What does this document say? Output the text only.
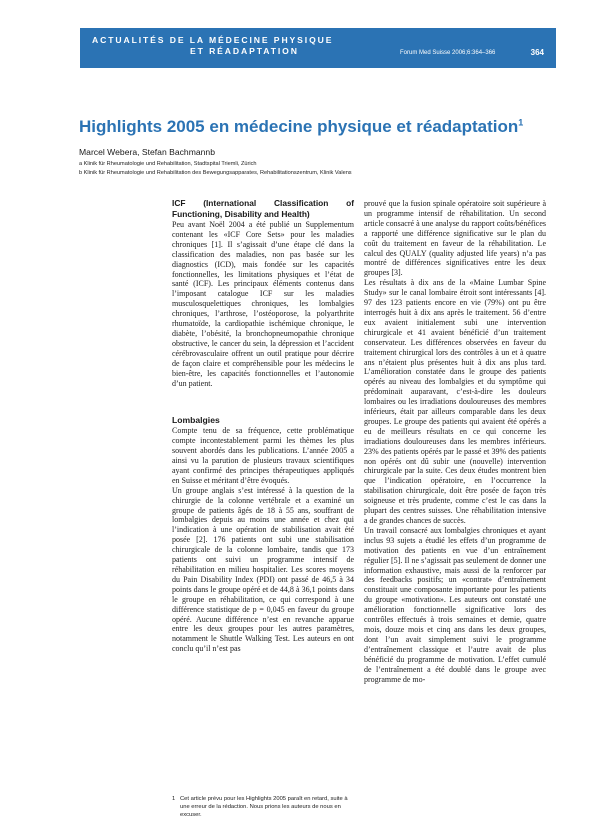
ACTUALITÉS DE LA MÉDECINE PHYSIQUE
ET RÉADAPTATION	Forum Med Suisse 2006;6:364–366	364
Highlights 2005 en médecine physique et réadaptation$^1$
Marcel Webera, Stefan Bachmannb
a Klinik für Rheumatologie und Rehabilitation, Stadtspital Triemli, Zürich
b Klinik für Rheumatologie und Rehabilitation des Bewegungsapparates, Rehabilitationszentrum, Klinik Valens

ICF (International Classification of Functioning, Disability and Health)

Peu avant Noël 2004 a été publié un Supplementum contenant les «ICF Core Sets» pour les maladies chroniques [1]. Il s’agissait d’une étape clé dans la classification des maladies, non pas basée sur les diagnostics (ICD), mais fondée sur les capacités fonctionnelles, les limitations physiques et l’état de santé (ICF). Les principaux éléments contenus dans l’imposant catalogue ICF sur les maladies musculosquelettiques chroniques, les lombalgies chroniques, l’arthrose, l’ostéoporose, la polyarthrite rhumatoïde, la cardiopathie ischémique chronique, le diabète, l’obésité, la bronchopneumopathie chronique obstructive, le cancer du sein, la dépression et l’accident cérébrovasculaire offrent un outil pratique pour décrire de façon claire et compréhensible pour les médecins le bien-être, les capacités fonctionnelles et l’autonomie d’un patient.

Lombalgies

Compte tenu de sa fréquence, cette problématique compte incontestablement parmi les thèmes les plus souvent abordés dans les publications. L’année 2005 a ainsi vu la parution de plusieurs travaux scientifiques ayant confirmé des principes thérapeutiques appliqués en Suisse et méritant d’être évoqués.

Un groupe anglais s’est intéressé à la question de la chirurgie de la colonne vertébrale et a examiné un groupe de patients âgés de 18 à 55 ans, souffrant de lombalgies depuis au moins une année et chez qui l’indication à une opération de stabilisation avait été posée [2]. 176 patients ont subi une stabilisation chirurgicale de la colonne lombaire, tandis que 173 patients ont suivi un programme intensif de réhabilitation en milieu hospitalier. Les scores moyens du Pain Disability Index (PDI) ont passé de 46,5 à 34 points dans le groupe opéré et de 44,8 à 36,1 points dans le groupe en réhabilitation, ce qui correspond à une différence statistique de p = 0,045 en faveur du groupe opéré. Aucune différence n’est en revanche apparue entre les deux groupes pour les autres paramètres, notamment le Shuttle Walking Test. Les auteurs en ont conclu qu’il n’est pas

prouvé que la fusion spinale opératoire soit supérieure à un programme intensif de réhabilitation. Un second article consacré à une analyse du rapport coûts/bénéfices a rapporté une différence significative sur le plan du coût du traitement en faveur de la réhabilitation. Le calcul des QUALY (quality adjusted life years) n’a pas montré de différences significatives entre les deux groupes [3].

Les résultats à dix ans de la «Maine Lumbar Spine Study» sur le canal lombaire étroit sont intéressants [4]. 97 des 123 patients encore en vie (79%) ont pu être interrogés huit à dix ans après le traitement. 56 d’entre eux avaient initialement subi une intervention chirurgicale et 41 avaient bénéficié d’un traitement conservateur. Les différences observées en faveur du traitement chirurgical lors des contrôles à un et à quatre ans n’étaient plus présentes huit à dix ans plus tard. L’amélioration constatée dans le groupe des patients opérés au niveau des lombalgies et du symptôme qui prédominait auparavant, c’est-à-dire les douleurs lombaires ou les irradiations douloureuses des membres inférieurs, était par ailleurs comparable dans les deux groupes. Le groupe des patients qui avaient été opérés a eu de meilleurs résultats en ce qui concerne les irradiations douloureuses dans les membres inférieurs. 23% des patients opérés par le passé et 39% des patients non opérés ont dû subir une (nouvelle) intervention chirurgicale par la suite. Ces deux études montrent bien que l’indication opératoire, en l’occurrence la stabilisation chirurgicale, doit être posée de façon très soigneuse et très prudente, comme c’est le cas dans la plupart des centres suisses. Une réhabilitation intensive a de grandes chances de succès.

Un travail consacré aux lombalgies chroniques et ayant inclus 93 sujets a étudié les effets d’un programme de motivation des patients en vue d’un entraînement régulier [5]. Il ne s’agissait pas seulement de donner une information exhaustive, mais aussi de la renforcer par des feedbacks positifs; un «contrat» d’entraînement constituait une composante importante pour les patients du groupe «motivation». Les auteurs ont constaté une amélioration fonctionnelle significative lors des contrôles effectués à trois semaines et demie, quatre mois, douze mois et cinq ans dans les deux groupes, dont l’un avait simplement suivi le programme d’entraînement classique et l’autre avait de plus bénéficié du programme de motivation. L’effet cumulé de l’entraînement a été doublé dans le groupe avec programme de mo-

1 Cet article prévu pour les Highlights 2005 paraît en retard, suite à une erreur de la rédaction. Nous prions les auteurs de nous en excuser.
